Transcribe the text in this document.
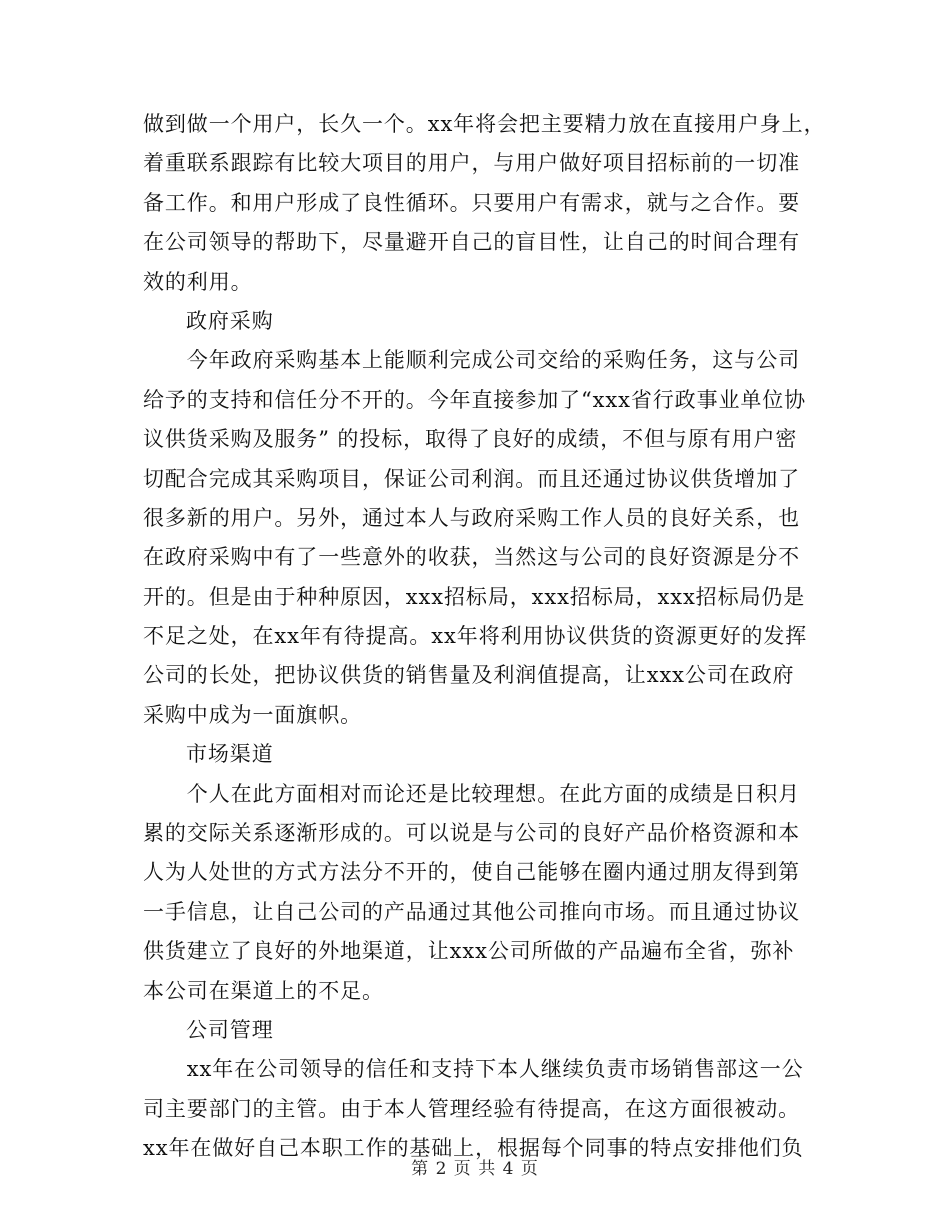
做到做一个用户，长久一个。xx年将会把主要精力放在直接用户身上，
着重联系跟踪有比较大项目的用户，与用户做好项目招标前的一切准
备工作。和用户形成了良性循环。只要用户有需求，就与之合作。要
在公司领导的帮助下，尽量避开自己的盲目性，让自己的时间合理有
效的利用。
政府采购
　　今年政府采购基本上能顺利完成公司交给的采购任务，这与公司
给予的支持和信任分不开的。今年直接参加了“xxx省行政事业单位协
议供货采购及服务” 的投标，取得了良好的成绩，不但与原有用户密
切配合完成其采购项目，保证公司利润。而且还通过协议供货增加了
很多新的用户。另外，通过本人与政府采购工作人员的良好关系，也
在政府采购中有了一些意外的收获，当然这与公司的良好资源是分不
开的。但是由于种种原因，xxx招标局，xxx招标局，xxx招标局仍是
不足之处，在xx年有待提高。xx年将利用协议供货的资源更好的发挥
公司的长处，把协议供货的销售量及利润值提高，让xxx公司在政府
采购中成为一面旗帜。
市场渠道
　　个人在此方面相对而论还是比较理想。在此方面的成绩是日积月
累的交际关系逐渐形成的。可以说是与公司的良好产品价格资源和本
人为人处世的方式方法分不开的，使自己能够在圈内通过朋友得到第
一手信息，让自己公司的产品通过其他公司推向市场。而且通过协议
供货建立了良好的外地渠道，让xxx公司所做的产品遍布全省，弥补
本公司在渠道上的不足。
公司管理
　　xx年在公司领导的信任和支持下本人继续负责市场销售部这一公
司主要部门的主管。由于本人管理经验有待提高，在这方面很被动。
xx年在做好自己本职工作的基础上，根据每个同事的特点安排他们负
第 2 页 共 4 页
